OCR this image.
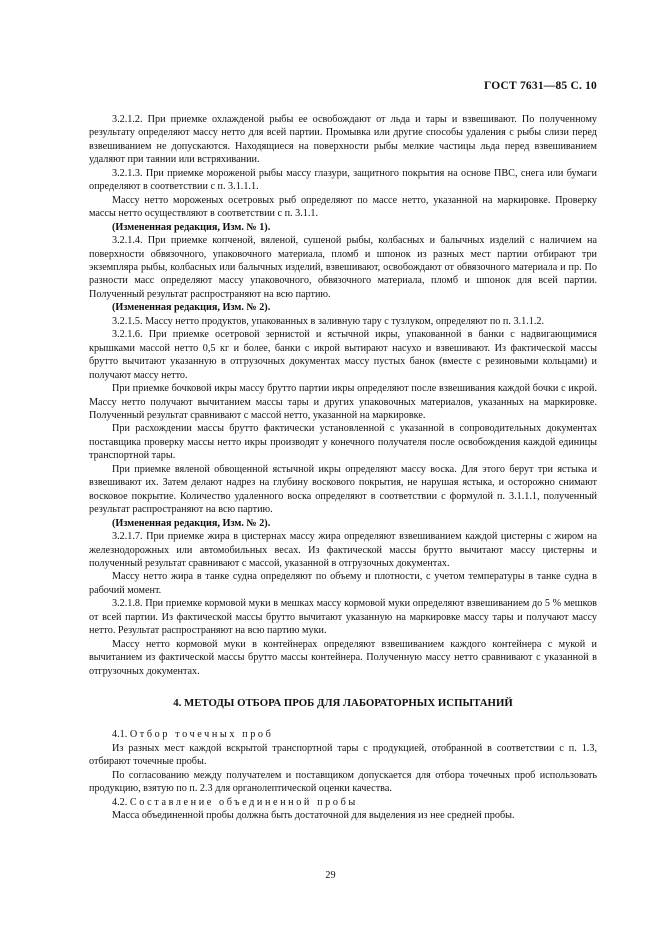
ГОСТ 7631—85 С. 10

3.2.1.2. При приемке охлажденой рыбы ее освобождают от льда и тары и взвешивают. По полученному результату определяют массу нетто для всей партии. Промывка или другие способы удаления с рыбы слизи перед взвешиванием не допускаются. Находящиеся на поверхности рыбы мелкие частицы льда перед взвешиванием удаляют при таянии или встряхивании.

3.2.1.3. При приемке мороженой рыбы массу глазури, защитного покрытия на основе ПВС, снега или бумаги определяют в соответствии с п. 3.1.1.1.

Массу нетто мороженых осетровых рыб определяют по массе нетто, указанной на маркировке. Проверку массы нетто осуществляют в соответствии с п. 3.1.1.

(Измененная редакция, Изм. № 1).

3.2.1.4. При приемке копченой, вяленой, сушеной рыбы, колбасных и балычных изделий с наличием на поверхности обвязочного, упаковочного материала, пломб и шпонок из разных мест партии отбирают три экземпляра рыбы, колбасных или балычных изделий, взвешивают, освобождают от обвязочного материала и пр. По разности масс определяют массу упаковочного, обвязочного материала, пломб и шпонок для всей партии. Полученный результат распространяют на всю партию.

(Измененная редакция, Изм. № 2).

3.2.1.5. Массу нетто продуктов, упакованных в заливную тару с тузлуком, определяют по п. 3.1.1.2.

3.2.1.6. При приемке осетровой зернистой и ястычной икры, упакованной в банки с надвигающимися крышками массой нетто 0,5 кг и более, банки с икрой вытирают насухо и взвешивают. Из фактической массы брутто вычитают указанную в отгрузочных документах массу пустых банок (вместе с резиновыми кольцами) и получают массу нетто.

При приемке бочковой икры массу брутто партии икры определяют после взвешивания каждой бочки с икрой. Массу нетто получают вычитанием массы тары и других упаковочных материалов, указанных на маркировке. Полученный результат сравнивают с массой нетто, указанной на маркировке.

При расхождении массы брутто фактически установленной с указанной в сопроводительных документах поставщика проверку массы нетто икры производят у конечного получателя после освобождения каждой единицы транспортной тары.

При приемке вяленой обвощенной ястычной икры определяют массу воска. Для этого берут три ястыка и взвешивают их. Затем делают надрез на глубину воскового покрытия, не нарушая ястыка, и осторожно снимают восковое покрытие. Количество удаленного воска определяют в соответствии с формулой п. 3.1.1.1, полученный результат распространяют на всю партию.

(Измененная редакция, Изм. № 2).

3.2.1.7. При приемке жира в цистернах массу жира определяют взвешиванием каждой цистерны с жиром на железнодорожных или автомобильных весах. Из фактической массы брутто вычитают массу цистерны и полученный результат сравнивают с массой, указанной в отгрузочных документах.

Массу нетто жира в танке судна определяют по объему и плотности, с учетом температуры в танке судна в рабочий момент.

3.2.1.8. При приемке кормовой муки в мешках массу кормовой муки определяют взвешиванием до 5 % мешков от всей партии. Из фактической массы брутто вычитают указанную на маркировке массу тары и получают массу нетто. Результат распространяют на всю партию муки.

Массу нетто кормовой муки в контейнерах определяют взвешиванием каждого контейнера с мукой и вычитанием из фактической массы брутто массы контейнера. Полученную массу нетто сравнивают с указанной в отгрузочных документах.

4. МЕТОДЫ ОТБОРА ПРОБ ДЛЯ ЛАБОРАТОРНЫХ ИСПЫТАНИЙ

4.1. Отбор точечных проб

Из разных мест каждой вскрытой транспортной тары с продукцией, отобранной в соответствии с п. 1.3, отбирают точечные пробы.

По согласованию между получателем и поставщиком допускается для отбора точечных проб использовать продукцию, взятую по п. 2.3 для органолептической оценки качества.

4.2. Составление объединенной пробы

Масса объединенной пробы должна быть достаточной для выделения из нее средней пробы.

29
